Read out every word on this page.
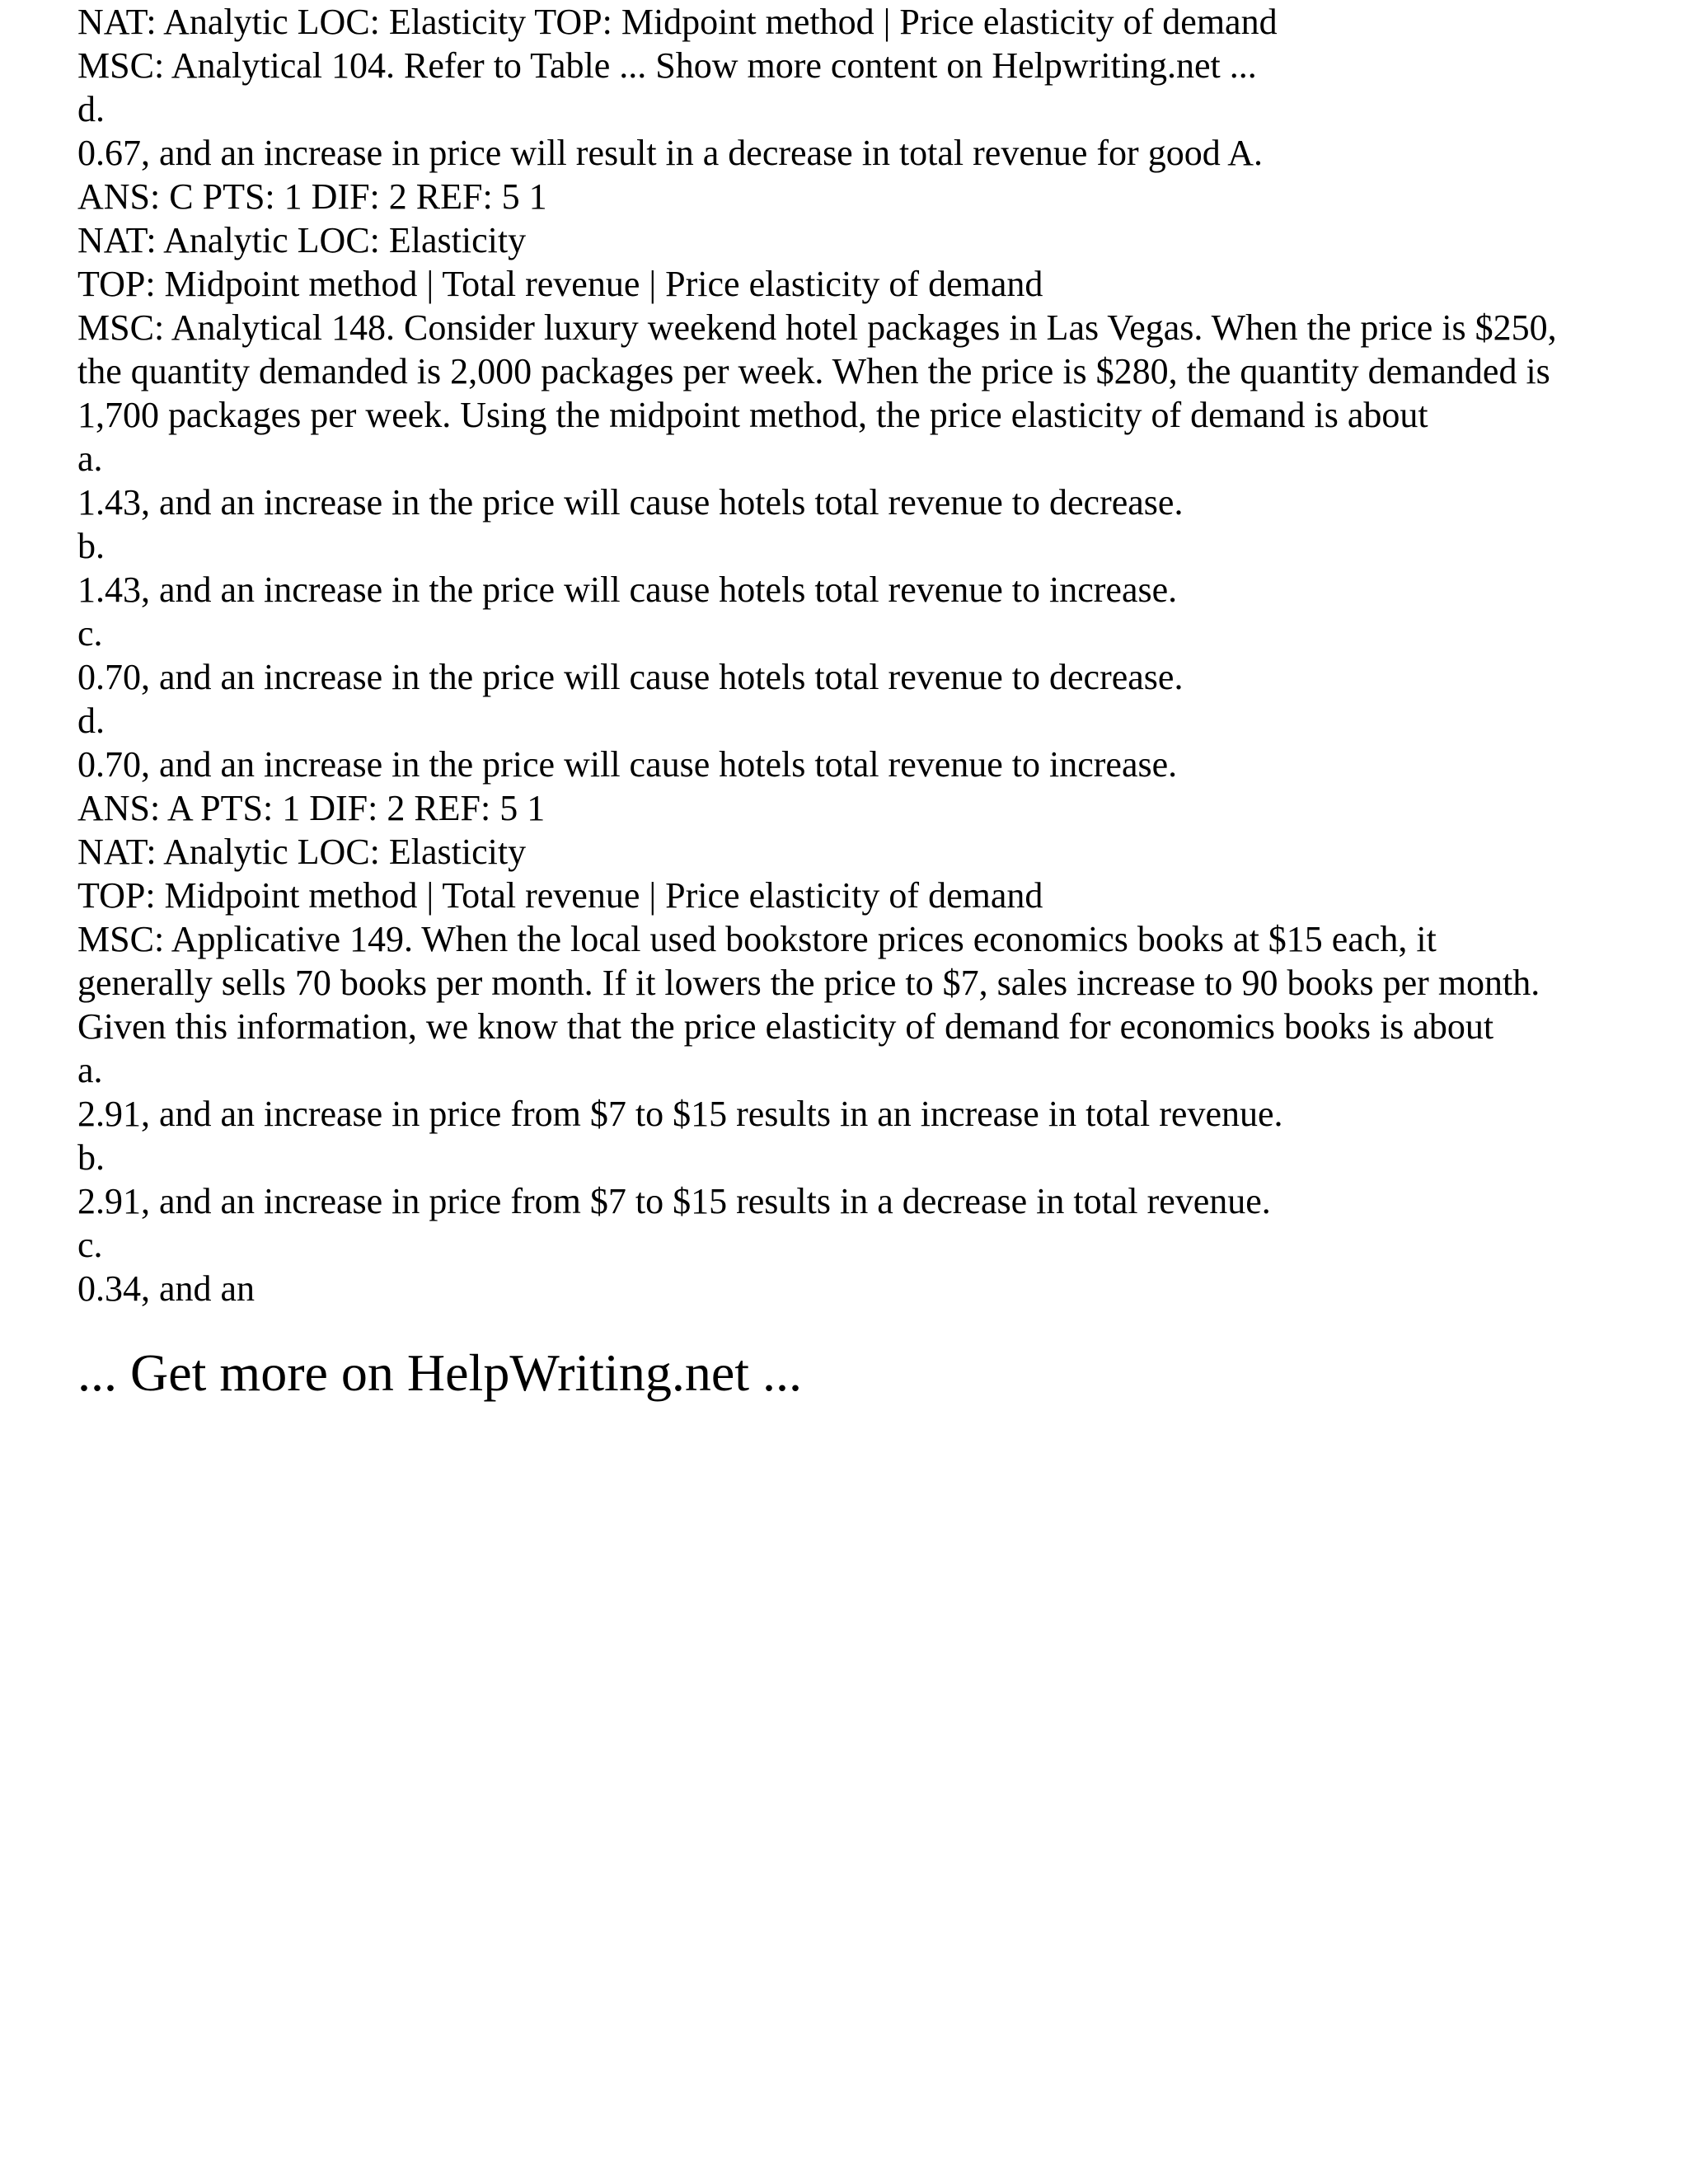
NAT: Analytic LOC: Elasticity TOP: Midpoint method | Price elasticity of demand
MSC: Analytical 104. Refer to Table ... Show more content on Helpwriting.net ...
d.
0.67, and an increase in price will result in a decrease in total revenue for good A.
ANS: C PTS: 1 DIF: 2 REF: 5 1
NAT: Analytic LOC: Elasticity
TOP: Midpoint method | Total revenue | Price elasticity of demand
MSC: Analytical 148. Consider luxury weekend hotel packages in Las Vegas. When the price is $250,
the quantity demanded is 2,000 packages per week. When the price is $280, the quantity demanded is
1,700 packages per week. Using the midpoint method, the price elasticity of demand is about
a.
1.43, and an increase in the price will cause hotels total revenue to decrease.
b.
1.43, and an increase in the price will cause hotels total revenue to increase.
c.
0.70, and an increase in the price will cause hotels total revenue to decrease.
d.
0.70, and an increase in the price will cause hotels total revenue to increase.
ANS: A PTS: 1 DIF: 2 REF: 5 1
NAT: Analytic LOC: Elasticity
TOP: Midpoint method | Total revenue | Price elasticity of demand
MSC: Applicative 149. When the local used bookstore prices economics books at $15 each, it
generally sells 70 books per month. If it lowers the price to $7, sales increase to 90 books per month.
Given this information, we know that the price elasticity of demand for economics books is about
a.
2.91, and an increase in price from $7 to $15 results in an increase in total revenue.
b.
2.91, and an increase in price from $7 to $15 results in a decrease in total revenue.
c.
0.34, and an
... Get more on HelpWriting.net ...
